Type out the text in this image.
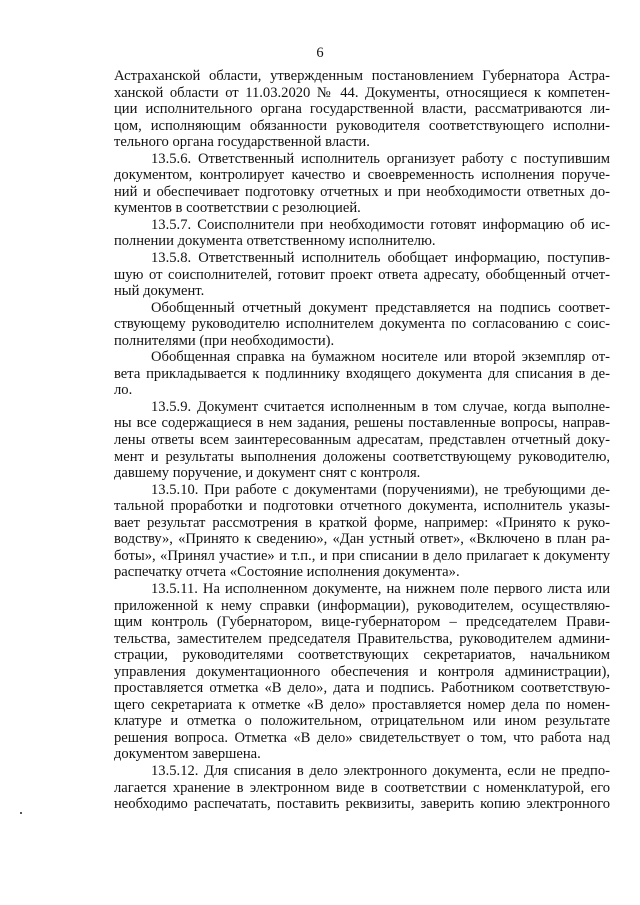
6

Астраханской области, утвержденным постановлением Губернатора Астра-
ханской области от 11.03.2020 № 44. Документы, относящиеся к компетен-
ции исполнительного органа государственной власти, рассматриваются ли-
цом, исполняющим обязанности руководителя соответствующего исполни-
тельного органа государственной власти.

13.5.6. Ответственный исполнитель организует работу с поступившим
документом, контролирует качество и своевременность исполнения поруче-
ний и обеспечивает подготовку отчетных и при необходимости ответных до-
кументов в соответствии с резолюцией.

13.5.7. Соисполнители при необходимости готовят информацию об ис-
полнении документа ответственному исполнителю.

13.5.8. Ответственный исполнитель обобщает информацию, поступив-
шую от соисполнителей, готовит проект ответа адресату, обобщенный отчет-
ный документ.

Обобщенный отчетный документ представляется на подпись соответ-
ствующему руководителю исполнителем документа по согласованию с соис-
полнителями (при необходимости).

Обобщенная справка на бумажном носителе или второй экземпляр от-
вета прикладывается к подлиннику входящего документа для списания в де-
ло.

13.5.9. Документ считается исполненным в том случае, когда выполне-
ны все содержащиеся в нем задания, решены поставленные вопросы, направ-
лены ответы всем заинтересованным адресатам, представлен отчетный доку-
мент и результаты выполнения доложены соответствующему руководителю,
давшему поручение, и документ снят с контроля.

13.5.10. При работе с документами (поручениями), не требующими де-
тальной проработки и подготовки отчетного документа, исполнитель указы-
вает результат рассмотрения в краткой форме, например: «Принято к руко-
водству», «Принято к сведению», «Дан устный ответ», «Включено в план ра-
боты», «Принял участие» и т.п., и при списании в дело прилагает к документу
распечатку отчета «Состояние исполнения документа».

13.5.11. На исполненном документе, на нижнем поле первого листа или
приложенной к нему справки (информации), руководителем, осуществляю-
щим контроль (Губернатором, вице-губернатором – председателем Прави-
тельства, заместителем председателя Правительства, руководителем админи-
страции, руководителями соответствующих секретариатов, начальником
управления документационного обеспечения и контроля администрации),
проставляется отметка «В дело», дата и подпись. Работником соответствую-
щего секретариата к отметке «В дело» проставляется номер дела по номен-
клатуре и отметка о положительном, отрицательном или ином результате
решения вопроса. Отметка «В дело» свидетельствует о том, что работа над
документом завершена.

13.5.12. Для списания в дело электронного документа, если не предпо-
лагается хранение в электронном виде в соответствии с номенклатурой, его
необходимо распечатать, поставить реквизиты, заверить копию электронного
